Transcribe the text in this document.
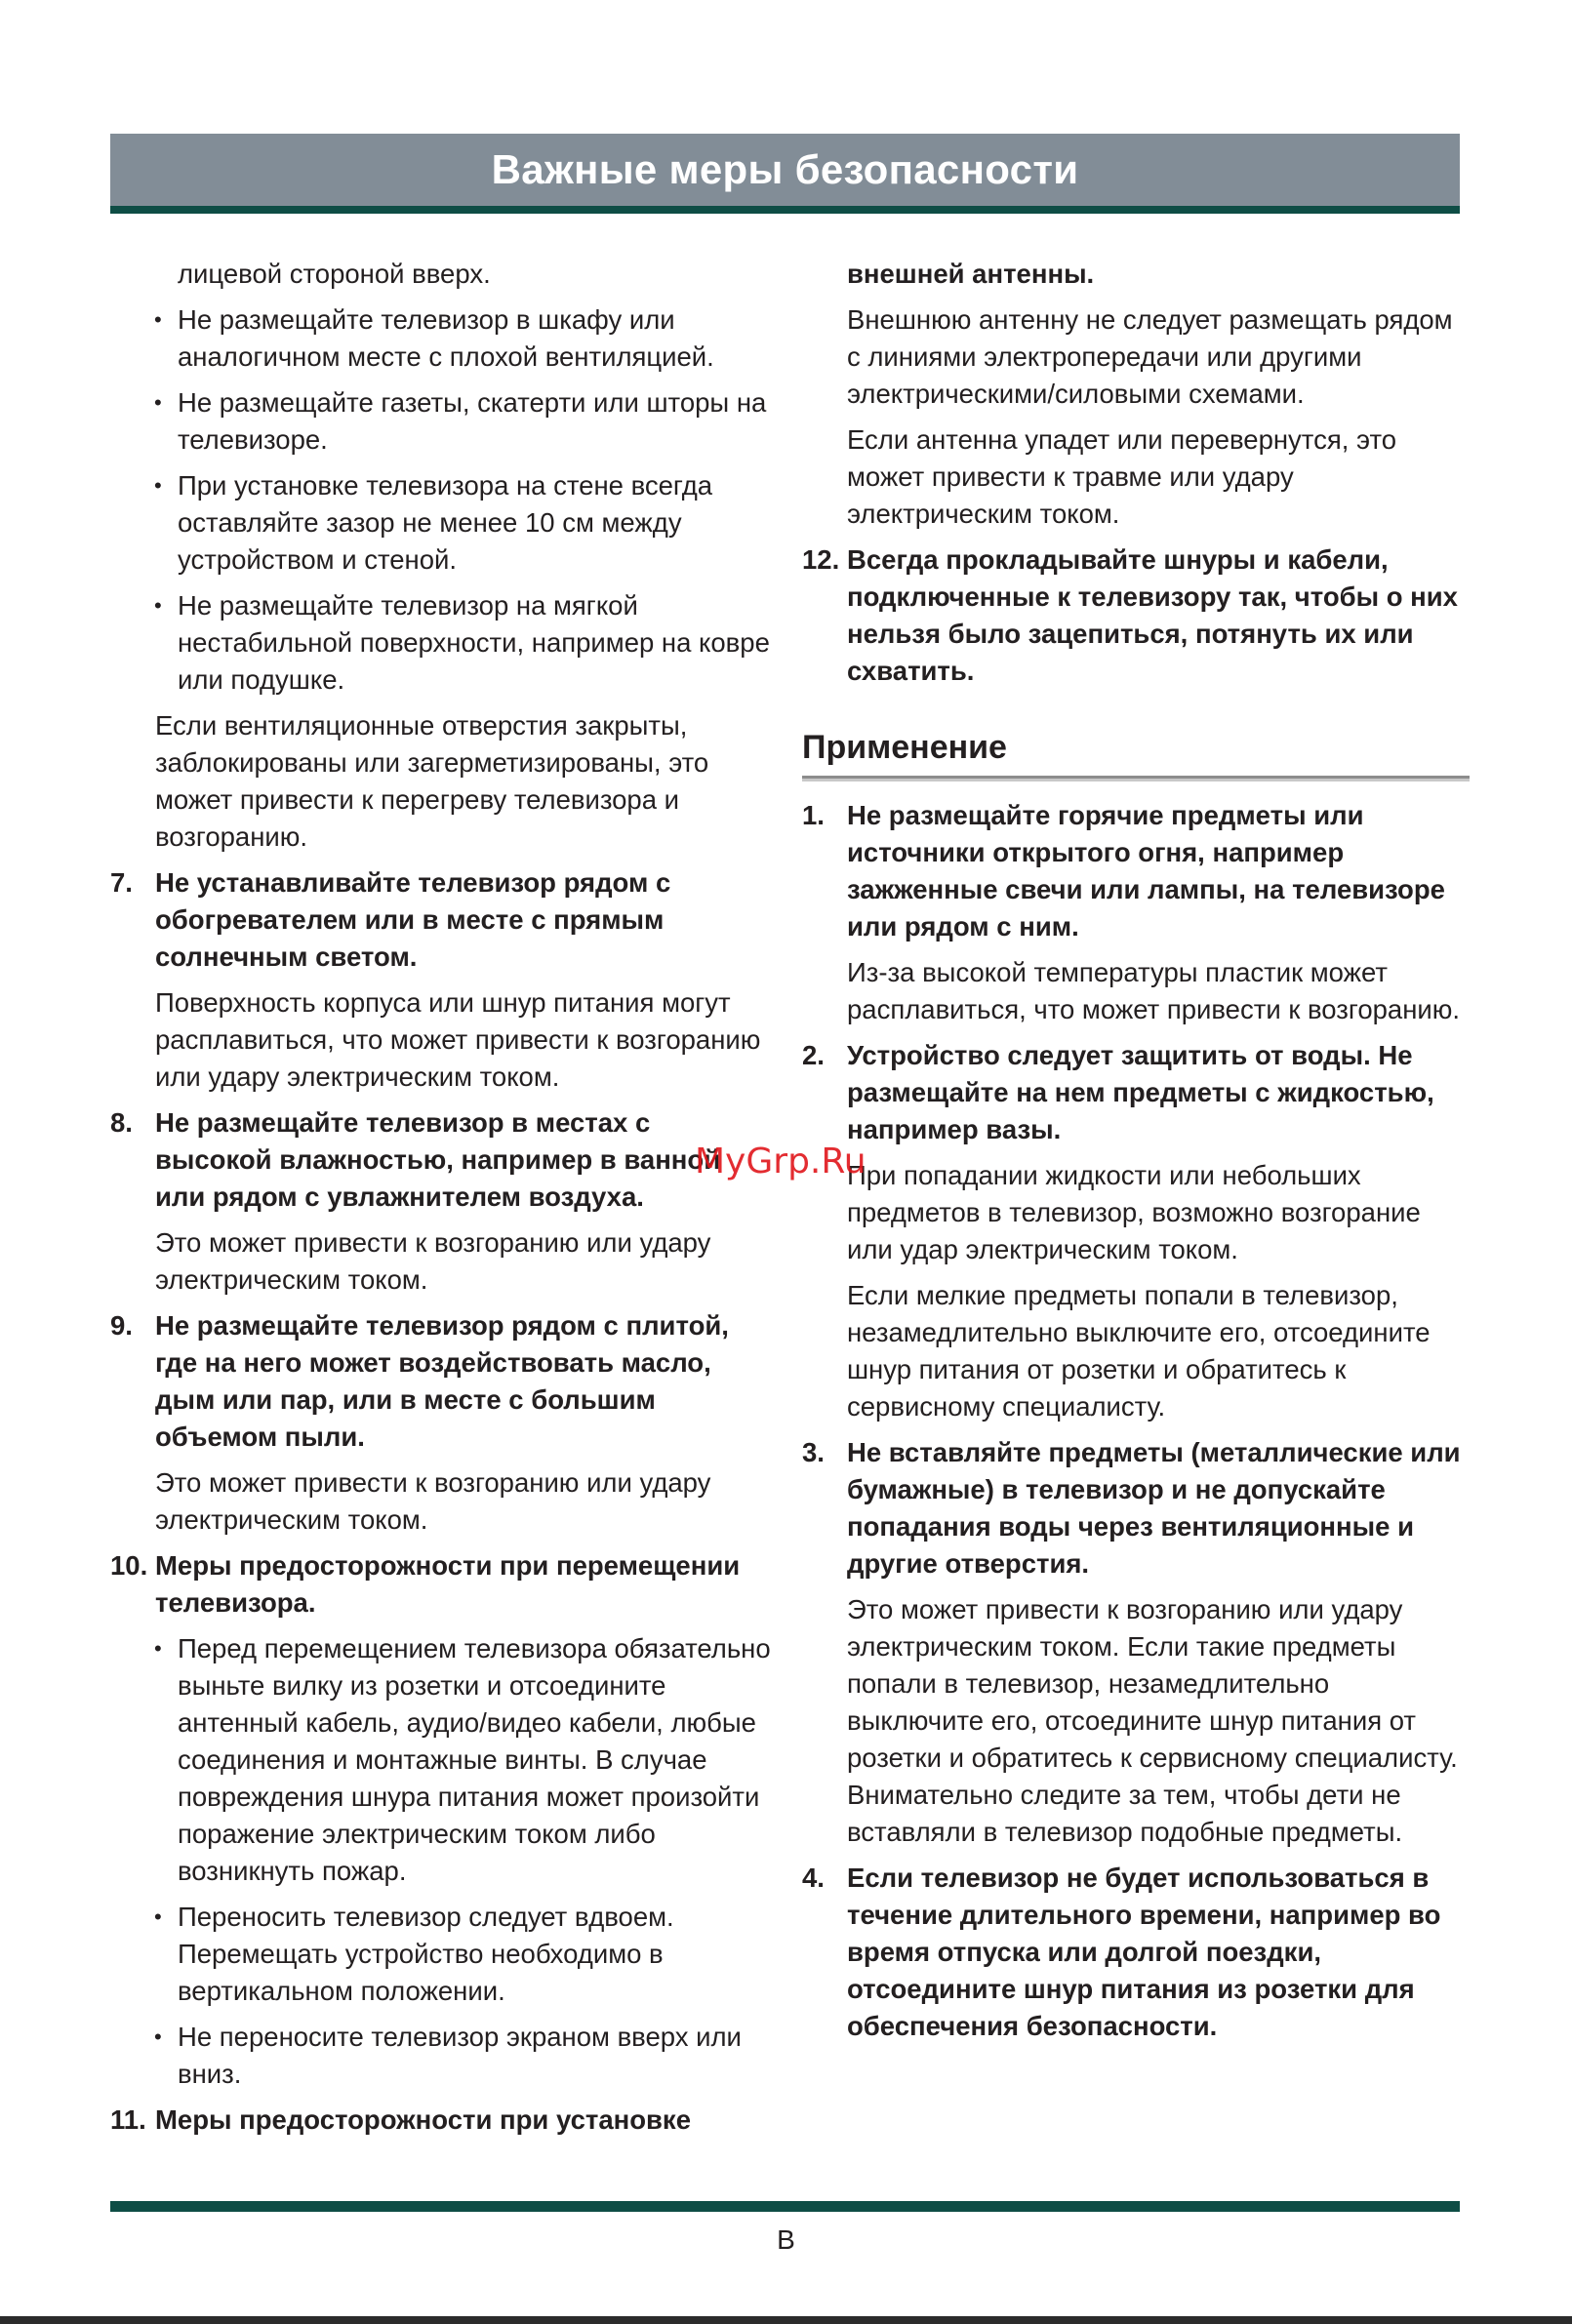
Важные меры безопасности

лицевой стороной вверх.

• Не размещайте телевизор в шкафу или аналогичном месте с плохой вентиляцией.
• Не размещайте газеты, скатерти или шторы на телевизоре.
• При установке телевизора на стене всегда оставляйте зазор не менее 10 см между устройством и стеной.
• Не размещайте телевизор на мягкой нестабильной поверхности, например на ковре или подушке.

Если вентиляционные отверстия закрыты, заблокированы или загерметизированы, это может привести к перегреву телевизора и возгоранию.

7. Не устанавливайте телевизор рядом с обогревателем или в месте с прямым солнечным светом.

Поверхность корпуса или шнур питания могут расплавиться, что может привести к возгоранию или удару электрическим током.

8. Не размещайте телевизор в местах с высокой влажностью, например в ванной или рядом с увлажнителем воздуха.

Это может привести к возгоранию или удару электрическим током.

9. Не размещайте телевизор рядом с плитой, где на него может воздействовать масло, дым или пар, или в месте с большим объемом пыли.

Это может привести к возгоранию или удару электрическим током.

10. Меры предосторожности при перемещении телевизора.
• Перед перемещением телевизора обязательно выньте вилку из розетки и отсоедините антенный кабель, аудио/видео кабели, любые соединения и монтажные винты. В случае повреждения шнура питания может произойти поражение электрическим током либо возникнуть пожар.
• Переносить телевизор следует вдвоем. Перемещать устройство необходимо в вертикальном положении.
• Не переносите телевизор экраном вверх или вниз.
11. Меры предосторожности при установке

внешней антенны.

Внешнюю антенну не следует размещать рядом с линиями электропередачи или другими электрическими/силовыми схемами.

Если антенна упадет или перевернутся, это может привести к травме или удару электрическим током.

12. Всегда прокладывайте шнуры и кабели, подключенные к телевизору так, чтобы о них нельзя было зацепиться, потянуть их или схватить.
Применение
1. Не размещайте горячие предметы или источники открытого огня, например зажженные свечи или лампы, на телевизоре или рядом с ним.

Из-за высокой температуры пластик может расплавиться, что может привести к возгоранию.

2. Устройство следует защитить от воды. Не размещайте на нем предметы с жидкостью, например вазы.

При попадании жидкости или небольших предметов в телевизор, возможно возгорание или удар электрическим током.

Если мелкие предметы попали в телевизор, незамедлительно выключите его, отсоедините шнур питания от розетки и обратитесь к сервисному специалисту.

3. Не вставляйте предметы (металлические или бумажные) в телевизор и не допускайте попадания воды через вентиляционные и другие отверстия.

Это может привести к возгоранию или удару электрическим током. Если такие предметы попали в телевизор, незамедлительно выключите его, отсоедините шнур питания от розетки и обратитесь к сервисному специалисту. Внимательно следите за тем, чтобы дети не вставляли в телевизор подобные предметы.

4. Если телевизор не будет использоваться в течение длительного времени, например во время отпуска или долгой поездки, отсоедините шнур питания из розетки для обеспечения безопасности.
MyGrp.Ru
B
